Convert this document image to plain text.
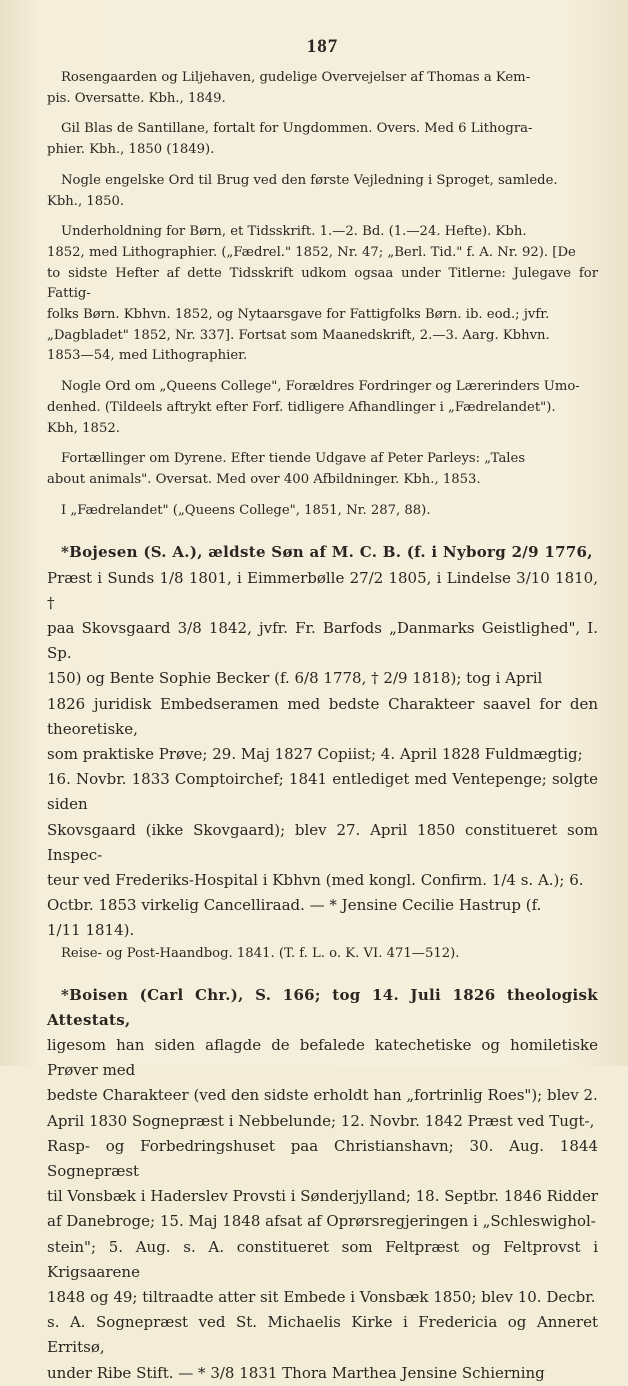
187

Rosengaarden og Liljehaven, gudelige Overvejelser af Thomas a Kem-

pis. Oversatte. Kbh., 1849.

Gil Blas de Santillane, fortalt for Ungdommen. Overs. Med 6 Lithogra-

phier. Kbh., 1850 (1849).

Nogle engelske Ord til Brug ved den første Vejledning i Sproget, samlede.

Kbh., 1850.

Underholdning for Børn, et Tidsskrift. 1.—2. Bd. (1.—24. Hefte). Kbh.

1852, med Lithographier. („Fædrel." 1852, Nr. 47; „Berl. Tid." f. A. Nr. 92). [De

to sidste Hefter af dette Tidsskrift udkom ogsaa under Titlerne: Julegave for Fattig-

folks Børn. Kbhvn. 1852, og Nytaarsgave for Fattigfolks Børn. ib. eod.; jvfr.

„Dagbladet" 1852, Nr. 337]. Fortsat som Maanedskrift, 2.—3. Aarg. Kbhvn.

1853—54, med Lithographier.

Nogle Ord om „Queens College", Forældres Fordringer og Lærerinders Umo-

denhed. (Tildeels aftrykt efter Forf. tidligere Afhandlinger i „Fædrelandet").

Kbh, 1852.

Fortællinger om Dyrene. Efter tiende Udgave af Peter Parleys: „Tales

about animals". Oversat. Med over 400 Afbildninger. Kbh., 1853.

I „Fædrelandet" („Queens College", 1851, Nr. 287, 88).

*Bojesen (S. A.), ældste Søn af M. C. B. (f. i Nyborg 2/9 1776,

Præst i Sunds 1/8 1801, i Eimmerbølle 27/2 1805, i Lindelse 3/10 1810, †

paa Skovsgaard 3/8 1842, jvfr. Fr. Barfods „Danmarks Geistlighed", I. Sp.

150) og Bente Sophie Becker (f. 6/8 1778, † 2/9 1818); tog i April

1826 juridisk Embedseramen med bedste Charakteer saavel for den theoretiske,

som praktiske Prøve; 29. Maj 1827 Copiist; 4. April 1828 Fuldmægtig;

16. Novbr. 1833 Comptoirchef; 1841 entlediget med Ventepenge; solgte siden

Skovsgaard (ikke Skovgaard); blev 27. April 1850 constitueret som Inspec-

teur ved Frederiks-Hospital i Kbhvn (med kongl. Confirm. 1/4 s. A.); 6.

Octbr. 1853 virkelig Cancelliraad. — * Jensine Cecilie Hastrup (f.

1/11 1814).

Reise- og Post-Haandbog. 1841. (T. f. L. o. K. VI. 471—512).

*Boisen (Carl Chr.), S. 166; tog 14. Juli 1826 theologisk Attestats,

ligesom han siden aflagde de befalede katechetiske og homiletiske Prøver med

bedste Charakteer (ved den sidste erholdt han „fortrinlig Roes"); blev 2.

April 1830 Sognepræst i Nebbelunde; 12. Novbr. 1842 Præst ved Tugt-,

Rasp- og Forbedringshuset paa Christianshavn; 30. Aug. 1844 Sognepræst

til Vonsbæk i Haderslev Provsti i Sønderjylland; 18. Septbr. 1846 Ridder

af Danebroge; 15. Maj 1848 afsat af Oprørsregjeringen i „Schleswighol-

stein"; 5. Aug. s. A. constitueret som Feltpræst og Feltprovst i Krigsaarene

1848 og 49; tiltraadte atter sit Embede i Vonsbæk 1850; blev 10. Decbr.

s. A. Sognepræst ved St. Michaelis Kirke i Fredericia og Anneret Erritsø,

under Ribe Stift. — * 3/8 1831 Thora Marthea Jensine Schierning
